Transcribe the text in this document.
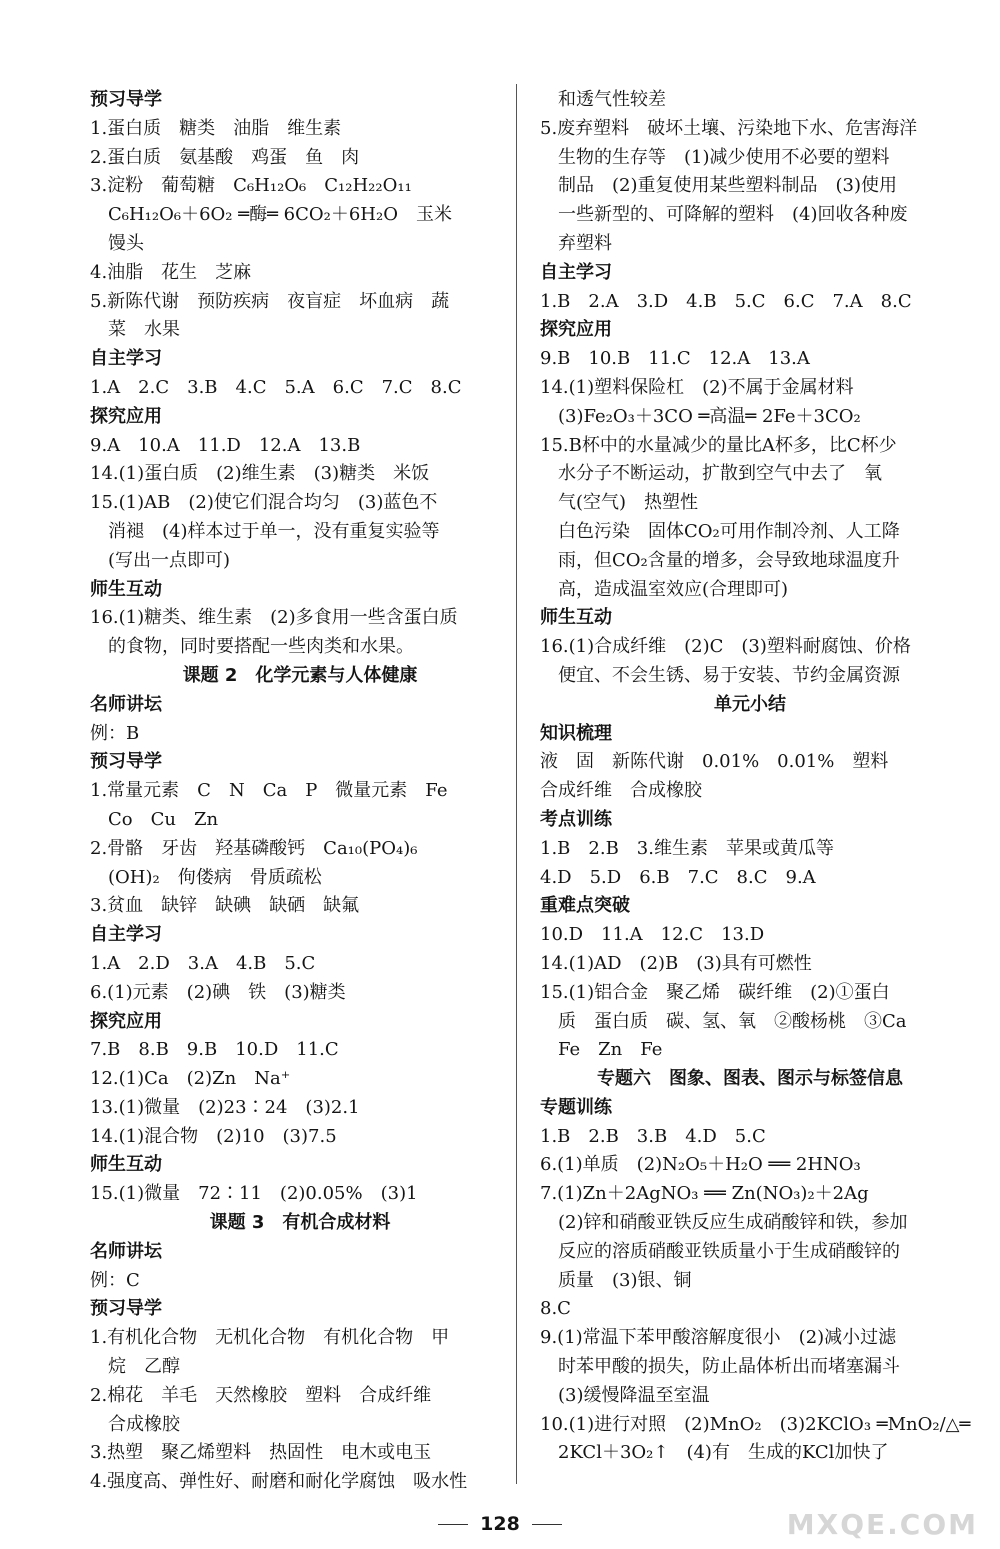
预习导学
1.蛋白质　糖类　油脂　维生素
2.蛋白质　氨基酸　鸡蛋　鱼　肉
3.淀粉　葡萄糖　C₆H₁₂O₆　C₁₂H₂₂O₁₁
C₆H₁₂O₆＋6O₂ ═酶═ 6CO₂＋6H₂O　玉米
馒头
4.油脂　花生　芝麻
5.新陈代谢　预防疾病　夜盲症　坏血病　蔬
菜　水果
自主学习
1.A　2.C　3.B　4.C　5.A　6.C　7.C　8.C
探究应用
9.A　10.A　11.D　12.A　13.B
14.(1)蛋白质　(2)维生素　(3)糖类　米饭
15.(1)AB　(2)使它们混合均匀　(3)蓝色不
消褪　(4)样本过于单一，没有重复实验等
(写出一点即可)
师生互动
16.(1)糖类、维生素　(2)多食用一些含蛋白质
的食物，同时要搭配一些肉类和水果。
课题 2　化学元素与人体健康
名师讲坛
例：B
预习导学
1.常量元素　C　N　Ca　P　微量元素　Fe
Co　Cu　Zn
2.骨骼　牙齿　羟基磷酸钙　Ca₁₀(PO₄)₆
(OH)₂　佝偻病　骨质疏松
3.贫血　缺锌　缺碘　缺硒　缺氟
自主学习
1.A　2.D　3.A　4.B　5.C
6.(1)元素　(2)碘　铁　(3)糖类
探究应用
7.B　8.B　9.B　10.D　11.C
12.(1)Ca　(2)Zn　Na⁺
13.(1)微量　(2)23∶24　(3)2.1
14.(1)混合物　(2)10　(3)7.5
师生互动
15.(1)微量　72∶11　(2)0.05%　(3)1
课题 3　有机合成材料
名师讲坛
例：C
预习导学
1.有机化合物　无机化合物　有机化合物　甲
烷　乙醇
2.棉花　羊毛　天然橡胶　塑料　合成纤维
合成橡胶
3.热塑　聚乙烯塑料　热固性　电木或电玉
4.强度高、弹性好、耐磨和耐化学腐蚀　吸水性
和透气性较差
5.废弃塑料　破坏土壤、污染地下水、危害海洋
生物的生存等　(1)减少使用不必要的塑料
制品　(2)重复使用某些塑料制品　(3)使用
一些新型的、可降解的塑料　(4)回收各种废
弃塑料
自主学习
1.B　2.A　3.D　4.B　5.C　6.C　7.A　8.C
探究应用
9.B　10.B　11.C　12.A　13.A
14.(1)塑料保险杠　(2)不属于金属材料
(3)Fe₂O₃＋3CO ═高温═ 2Fe＋3CO₂
15.B杯中的水量减少的量比A杯多，比C杯少
水分子不断运动，扩散到空气中去了　氧
气(空气)　热塑性
白色污染　固体CO₂可用作制冷剂、人工降
雨，但CO₂含量的增多，会导致地球温度升
高，造成温室效应(合理即可)
师生互动
16.(1)合成纤维　(2)C　(3)塑料耐腐蚀、价格
便宜、不会生锈、易于安装、节约金属资源
单元小结
知识梳理
液　固　新陈代谢　0.01%　0.01%　塑料
合成纤维　合成橡胶
考点训练
1.B　2.B　3.维生素　苹果或黄瓜等
4.D　5.D　6.B　7.C　8.C　9.A
重难点突破
10.D　11.A　12.C　13.D
14.(1)AD　(2)B　(3)具有可燃性
15.(1)铝合金　聚乙烯　碳纤维　(2)①蛋白
质　蛋白质　碳、氢、氧　②酸杨桃　③Ca
Fe　Zn　Fe
专题六　图象、图表、图示与标签信息
专题训练
1.B　2.B　3.B　4.D　5.C
6.(1)单质　(2)N₂O₅＋H₂O ══ 2HNO₃
7.(1)Zn＋2AgNO₃ ══ Zn(NO₃)₂＋2Ag
(2)锌和硝酸亚铁反应生成硝酸锌和铁，参加
反应的溶质硝酸亚铁质量小于生成硝酸锌的
质量　(3)银、铜
8.C
9.(1)常温下苯甲酸溶解度很小　(2)减小过滤
时苯甲酸的损失，防止晶体析出而堵塞漏斗
(3)缓慢降温至室温
10.(1)进行对照　(2)MnO₂　(3)2KClO₃ ═MnO₂/△═
2KCl＋3O₂↑　(4)有　生成的KCl加快了
128	MXQE.COM
